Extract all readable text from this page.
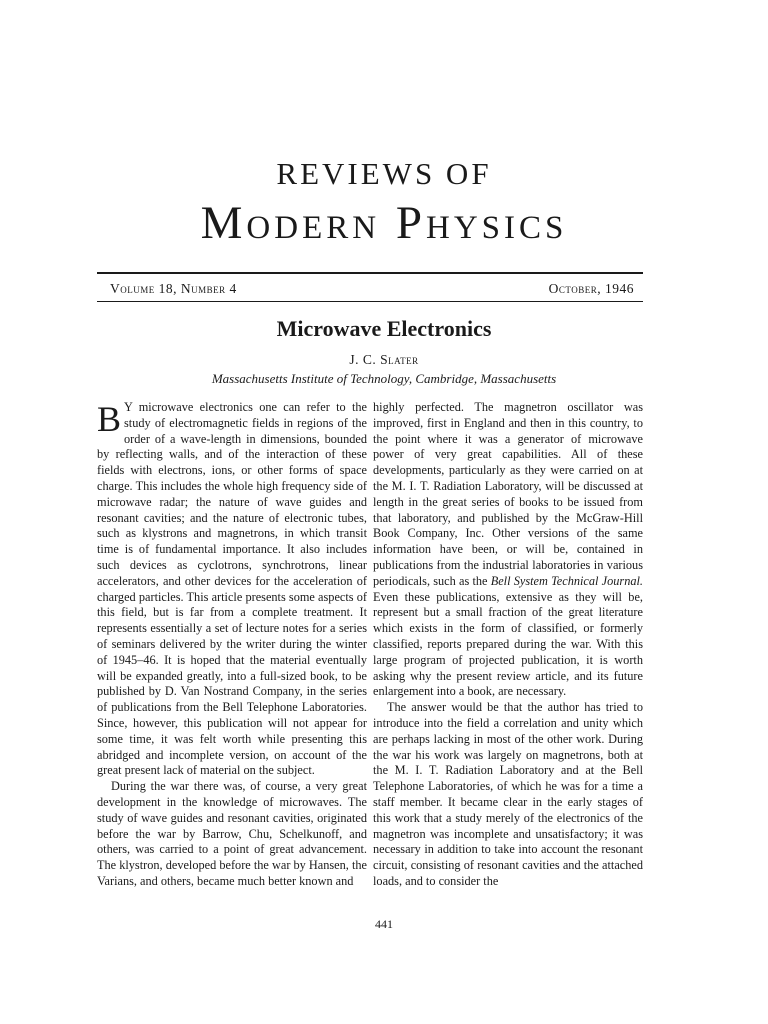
REVIEWS OF
Modern Physics
Volume 18, Number 4	October, 1946
Microwave Electronics
J. C. Slater
Massachusetts Institute of Technology, Cambridge, Massachusetts

B Y microwave electronics one can refer to the study of electromagnetic fields in regions of the order of a wave-length in dimensions, bounded by reflecting walls, and of the interaction of these fields with electrons, ions, or other forms of space charge. This includes the whole high frequency side of microwave radar; the nature of wave guides and resonant cavities; and the nature of electronic tubes, such as klystrons and magnetrons, in which transit time is of fundamental importance. It also includes such devices as cyclotrons, synchrotrons, linear accelerators, and other devices for the acceleration of charged particles. This article presents some aspects of this field, but is far from a complete treatment. It represents essentially a set of lecture notes for a series of seminars delivered by the writer during the winter of 1945–46. It is hoped that the material eventually will be expanded greatly, into a full-sized book, to be published by D. Van Nostrand Company, in the series of publications from the Bell Telephone Laboratories. Since, however, this publication will not appear for some time, it was felt worth while presenting this abridged and incomplete version, on account of the great present lack of material on the subject.

During the war there was, of course, a very great development in the knowledge of microwaves. The study of wave guides and resonant cavities, originated before the war by Barrow, Chu, Schelkunoff, and others, was carried to a point of great advancement. The klystron, developed before the war by Hansen, the Varians, and others, became much better known and

highly perfected. The magnetron oscillator was improved, first in England and then in this country, to the point where it was a generator of microwave power of very great capabilities. All of these developments, particularly as they were carried on at the M. I. T. Radiation Laboratory, will be discussed at length in the great series of books to be issued from that laboratory, and published by the McGraw-Hill Book Company, Inc. Other versions of the same information have been, or will be, contained in publications from the industrial laboratories in various periodicals, such as the Bell System Technical Journal. Even these publications, extensive as they will be, represent but a small fraction of the great literature which exists in the form of classified, or formerly classified, reports prepared during the war. With this large program of projected publication, it is worth asking why the present review article, and its future enlargement into a book, are necessary.

The answer would be that the author has tried to introduce into the field a correlation and unity which are perhaps lacking in most of the other work. During the war his work was largely on magnetrons, both at the M. I. T. Radiation Laboratory and at the Bell Telephone Laboratories, of which he was for a time a staff member. It became clear in the early stages of this work that a study merely of the electronics of the magnetron was incomplete and unsatisfactory; it was necessary in addition to take into account the resonant circuit, consisting of resonant cavities and the attached loads, and to consider the

441
